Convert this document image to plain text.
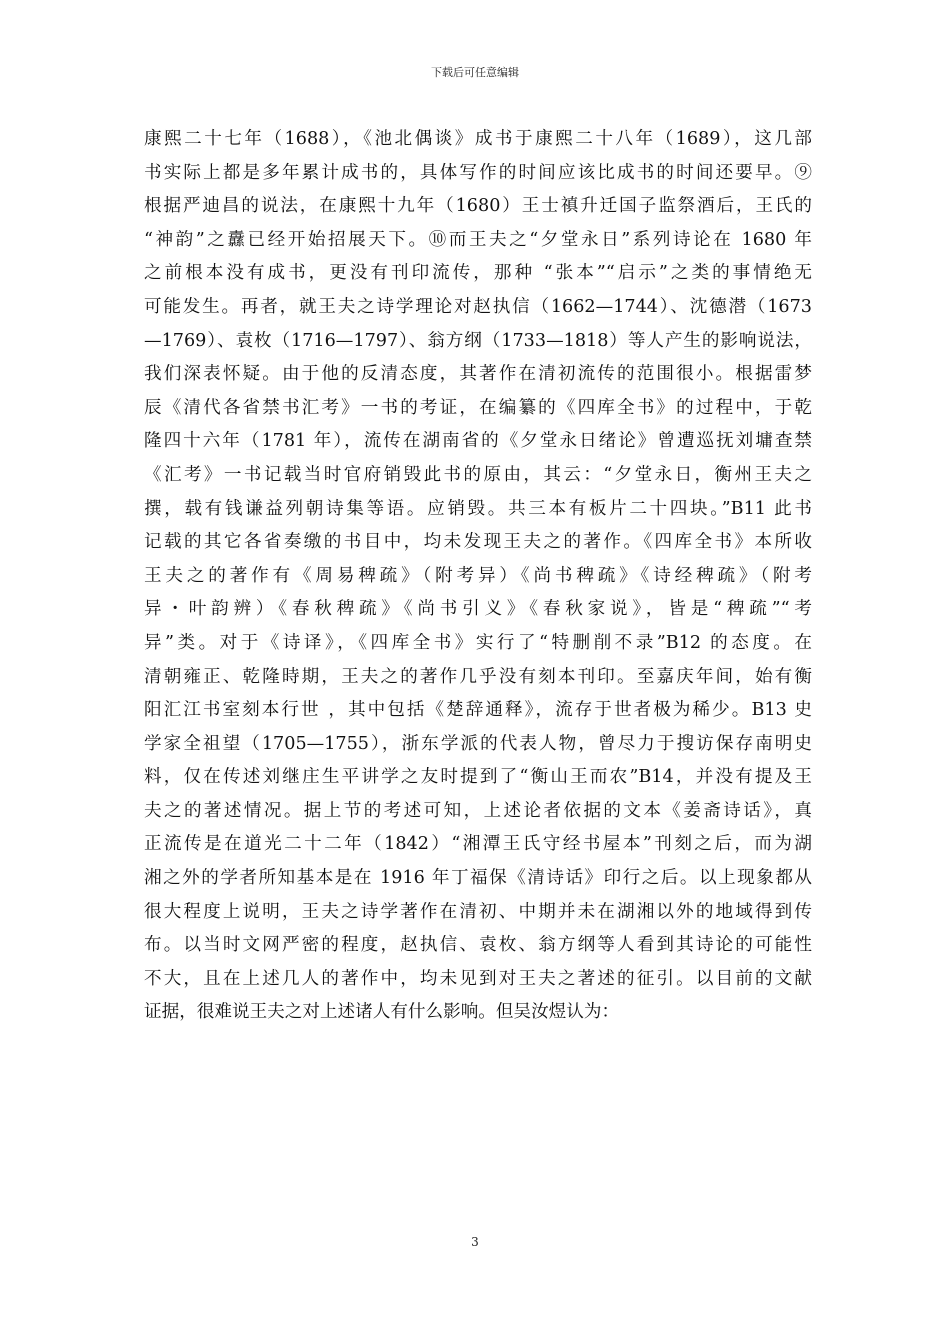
下载后可任意编辑
康熙二十七年（1688），《池北偶谈》成书于康熙二十八年（1689），这几部
书实际上都是多年累计成书的，具体写作的时间应该比成书的时间还要早。⑨
根据严迪昌的说法，在康熙十九年（1680）王士禛升迁国子监祭酒后，王氏的
“神韵”之纛已经开始招展天下。⑩而王夫之“夕堂永日”系列诗论在 1680 年
之前根本没有成书，更没有刊印流传，那种 “张本”“启示”之类的事情绝无
可能发生。再者，就王夫之诗学理论对赵执信（1662—1744）、沈德潜（1673
—1769）、袁枚（1716—1797）、翁方纲（1733—1818）等人产生的影响说法，
我们深表怀疑。由于他的反清态度，其著作在清初流传的范围很小。根据雷梦
辰《清代各省禁书汇考》一书的考证，在编纂的《四库全书》的过程中，于乾
隆四十六年（1781 年），流传在湖南省的《夕堂永日绪论》曾遭巡抚刘墉查禁
《汇考》一书记载当时官府销毁此书的原由，其云：“夕堂永日，衡州王夫之
撰，载有钱谦益列朝诗集等语。应销毁。共三本有板片二十四块。”B11 此书
记载的其它各省奏缴的书目中，均未发现王夫之的著作。《四库全书》本所收
王夫之的著作有《周易稗疏》（附考异）《尚书稗疏》《诗经稗疏》（附考
异・叶韵辨）《春秋稗疏》《尚书引义》《春秋家说》，皆是“稗疏”“考
异”类。对于《诗译》，《四库全书》实行了“特删削不录”B12 的态度。在
清朝雍正、乾隆時期，王夫之的著作几乎没有刻本刊印。至嘉庆年间，始有衡
阳汇江书室刻本行世 ，其中包括《楚辞通释》，流存于世者极为稀少。B13 史
学家全祖望（1705—1755），浙东学派的代表人物，曾尽力于搜访保存南明史
料，仅在传述刘继庄生平讲学之友时提到了“衡山王而农”B14，并没有提及王
夫之的著述情况。据上节的考述可知，上述论者依据的文本《姜斋诗话》，真
正流传是在道光二十二年（1842）“湘潭王氏守经书屋本”刊刻之后，而为湖
湘之外的学者所知基本是在 1916 年丁福保《清诗话》印行之后。以上现象都从
很大程度上说明，王夫之诗学著作在清初、中期并未在湖湘以外的地域得到传
布。以当时文网严密的程度，赵执信、袁枚、翁方纲等人看到其诗论的可能性
不大，且在上述几人的著作中，均未见到对王夫之著述的征引。以目前的文献
证据，很难说王夫之对上述诸人有什么影响。但吴汝煜认为：
3
